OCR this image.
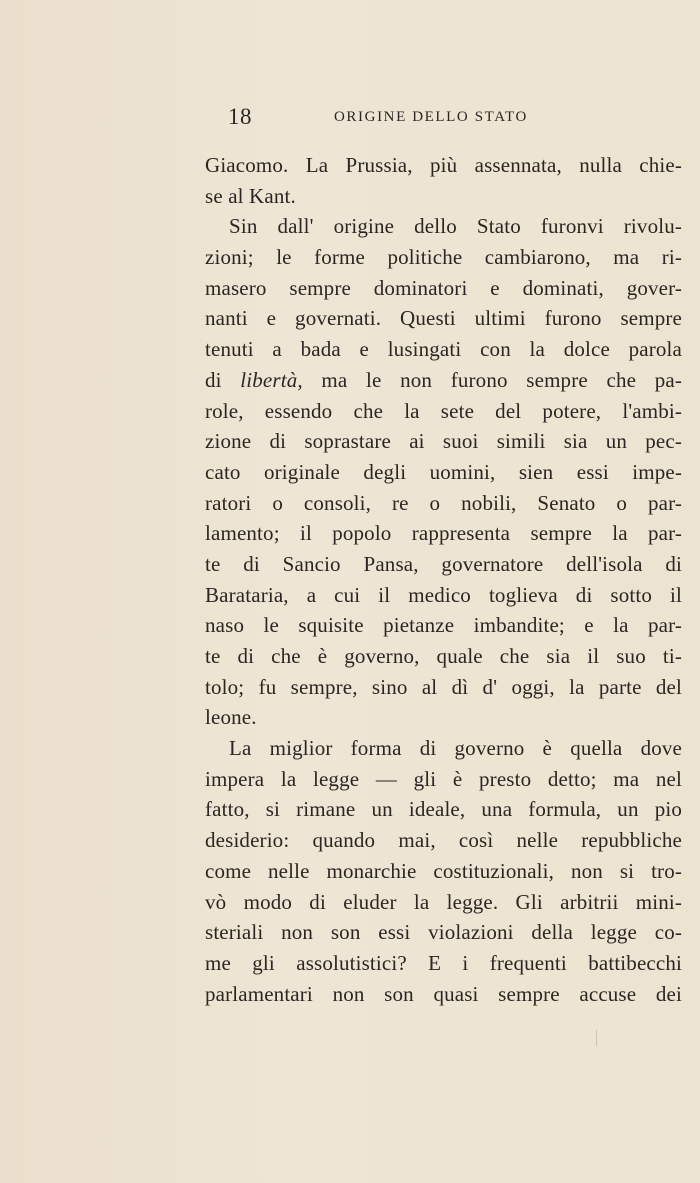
18	ORIGINE DELLO STATO
Giacomo. La Prussia, più assennata, nulla chie-
se al Kant.
Sin dall' origine dello Stato furonvi rivolu-
zioni; le forme politiche cambiarono, ma ri-
masero sempre dominatori e dominati, gover-
nanti e governati. Questi ultimi furono sempre
tenuti a bada e lusingati con la dolce parola
di libertà, ma le non furono sempre che pa-
role, essendo che la sete del potere, l'ambi-
zione di soprastare ai suoi simili sia un pec-
cato originale degli uomini, sien essi impe-
ratori o consoli, re o nobili, Senato o par-
lamento; il popolo rappresenta sempre la par-
te di Sancio Pansa, governatore dell'isola di
Barataria, a cui il medico toglieva di sotto il
naso le squisite pietanze imbandite; e la par-
te di che è governo, quale che sia il suo ti-
tolo; fu sempre, sino al dì d' oggi, la parte del
leone.
La miglior forma di governo è quella dove
impera la legge — gli è presto detto; ma nel
fatto, si rimane un ideale, una formula, un pio
desiderio: quando mai, così nelle repubbliche
come nelle monarchie costituzionali, non si tro-
vò modo di eluder la legge. Gli arbitrii mini-
steriali non son essi violazioni della legge co-
me gli assolutistici? E i frequenti battibecchi
parlamentari non son quasi sempre accuse dei
